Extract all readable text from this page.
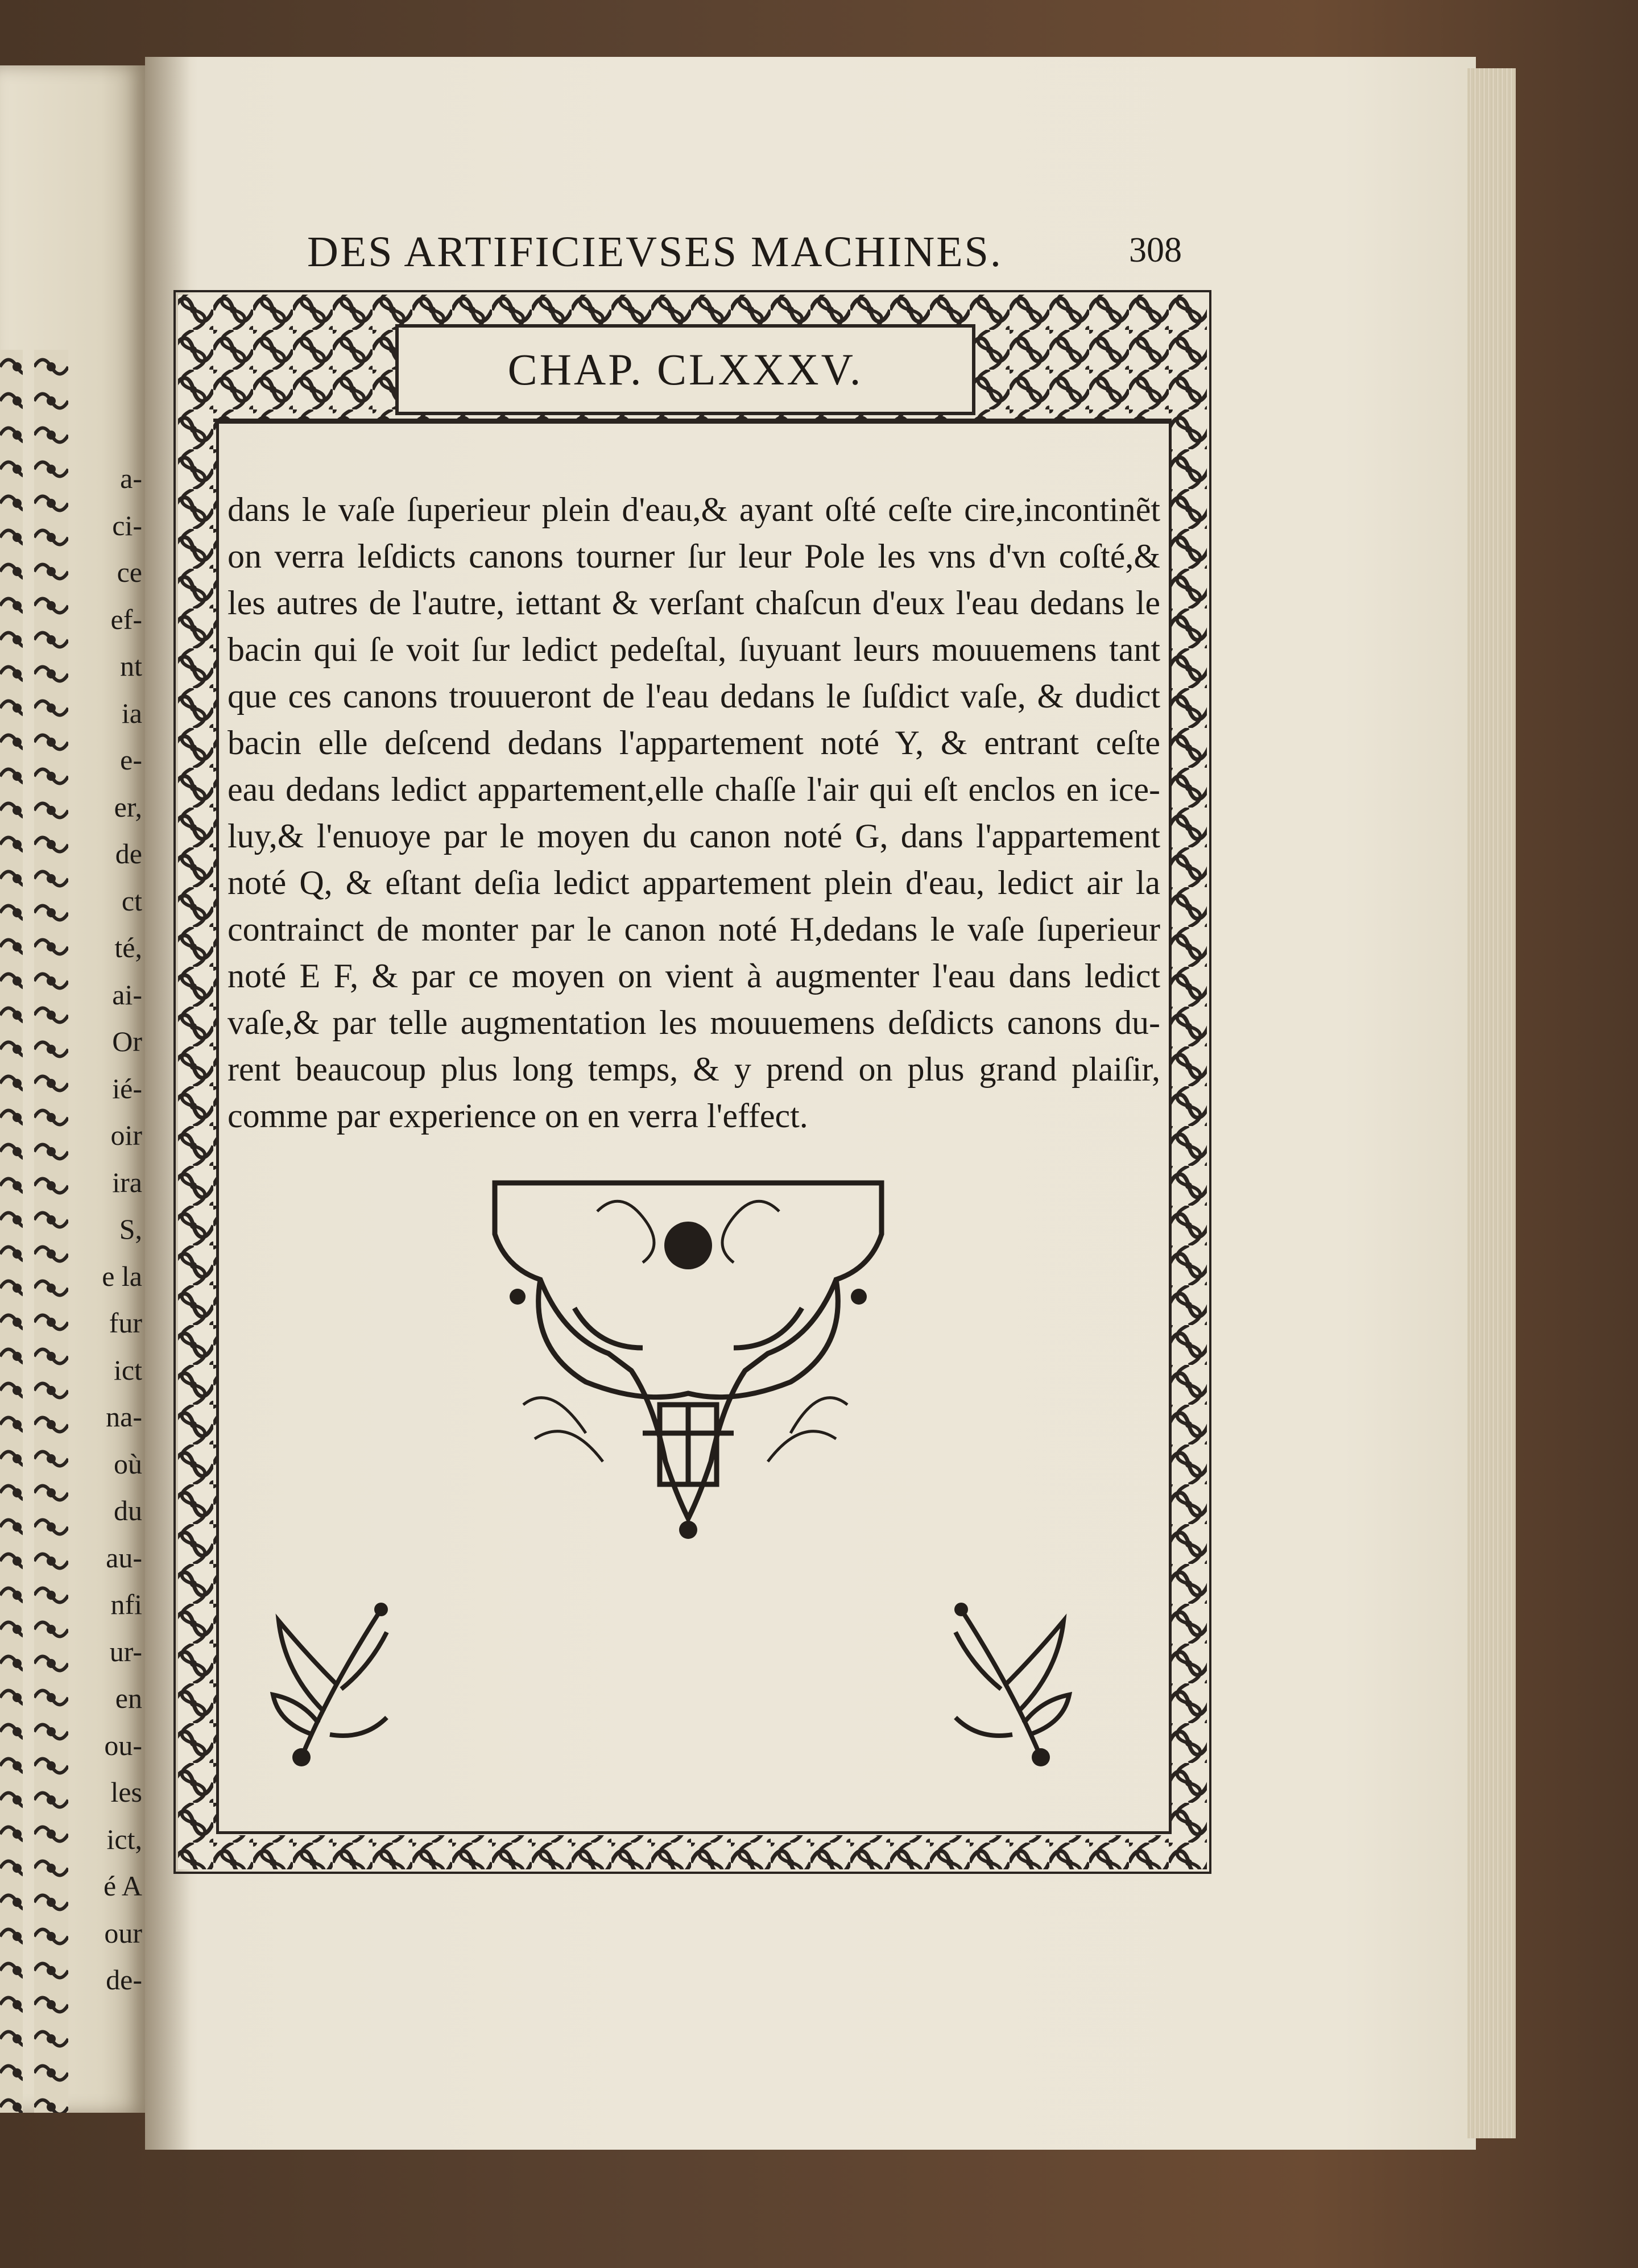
a-
ci-
ce
ef-
nt
ia
e-
er,
de
ct
té,
ai-
Or
ié-
oir
ira
S,
e la
fur
ict
na-
où
du
au-
nfi
ur-
en
ou-
les
ict,
é A
our
de-
DES ARTIFICIEVSES MACHINES.	308
CHAP. CLXXXV.
dans le vaſe ſuperieur plein d'eau,& ayant oſté ceſte cire,incontinẽt
on verra leſdicts canons tourner ſur leur Pole les vns d'vn coſté,&
les autres de l'autre, iettant & verſant chaſcun d'eux l'eau dedans le
bacin qui ſe voit ſur ledict pedeſtal, ſuyuant leurs mouuemens tant
que ces canons trouueront de l'eau dedans le ſuſdict vaſe, & dudict
bacin elle deſcend dedans l'appartement noté Y, & entrant ceſte
eau dedans ledict appartement,elle chaſſe l'air qui eſt enclos en ice-
luy,& l'enuoye par le moyen du canon noté G, dans l'appartement
noté Q, & eſtant deſia ledict appartement plein d'eau, ledict air la
contrainct de monter par le canon noté H,dedans le vaſe ſuperieur
noté E F, & par ce moyen on vient à augmenter l'eau dans ledict
vaſe,& par telle augmentation les mouuemens deſdicts canons du-
rent beaucoup plus long temps, & y prend on plus grand plaiſir,
comme par experience on en verra l'effect.
